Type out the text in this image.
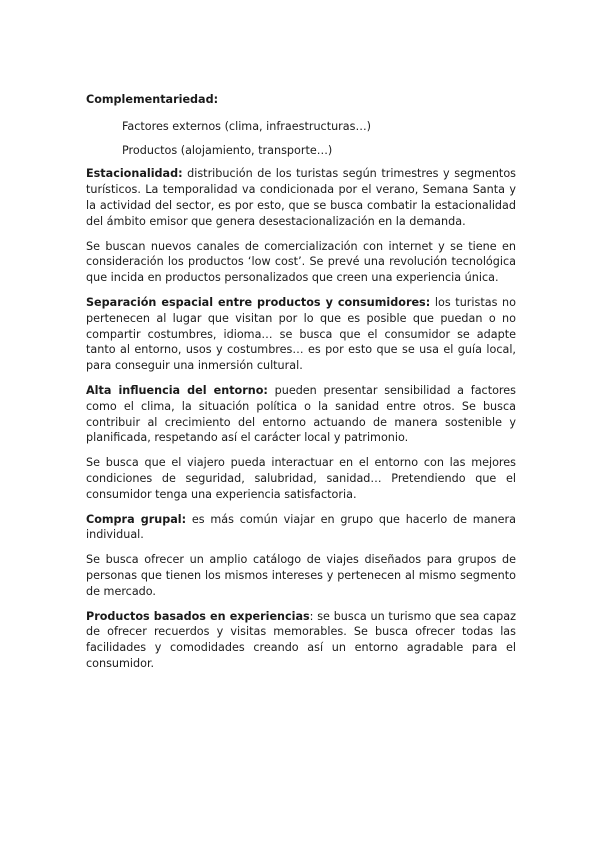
Complementariedad:
Factores externos (clima, infraestructuras…)
Productos (alojamiento, transporte…)

Estacionalidad: distribución de los turistas según trimestres y segmentos turísticos. La temporalidad va condicionada por el verano, Semana Santa y la actividad del sector, es por esto, que se busca combatir la estacionalidad del ámbito emisor que genera desestacionalización en la demanda.

Se buscan nuevos canales de comercialización con internet y se tiene en consideración los productos ‘low cost’. Se prevé una revolución tecnológica que incida en productos personalizados que creen una experiencia única.

Separación espacial entre productos y consumidores: los turistas no pertenecen al lugar que visitan por lo que es posible que puedan o no compartir costumbres, idioma… se busca que el consumidor se adapte tanto al entorno, usos y costumbres… es por esto que se usa el guía local, para conseguir una inmersión cultural.

Alta influencia del entorno: pueden presentar sensibilidad a factores como el clima, la situación política o la sanidad entre otros. Se busca contribuir al crecimiento del entorno actuando de manera sostenible y planificada, respetando así el carácter local y patrimonio.

Se busca que el viajero pueda interactuar en el entorno con las mejores condiciones de seguridad, salubridad, sanidad… Pretendiendo que el consumidor tenga una experiencia satisfactoria.

Compra grupal: es más común viajar en grupo que hacerlo de manera individual.

Se busca ofrecer un amplio catálogo de viajes diseñados para grupos de personas que tienen los mismos intereses y pertenecen al mismo segmento de mercado.

Productos basados en experiencias: se busca un turismo que sea capaz de ofrecer recuerdos y visitas memorables. Se busca ofrecer todas las facilidades y comodidades creando así un entorno agradable para el consumidor.
